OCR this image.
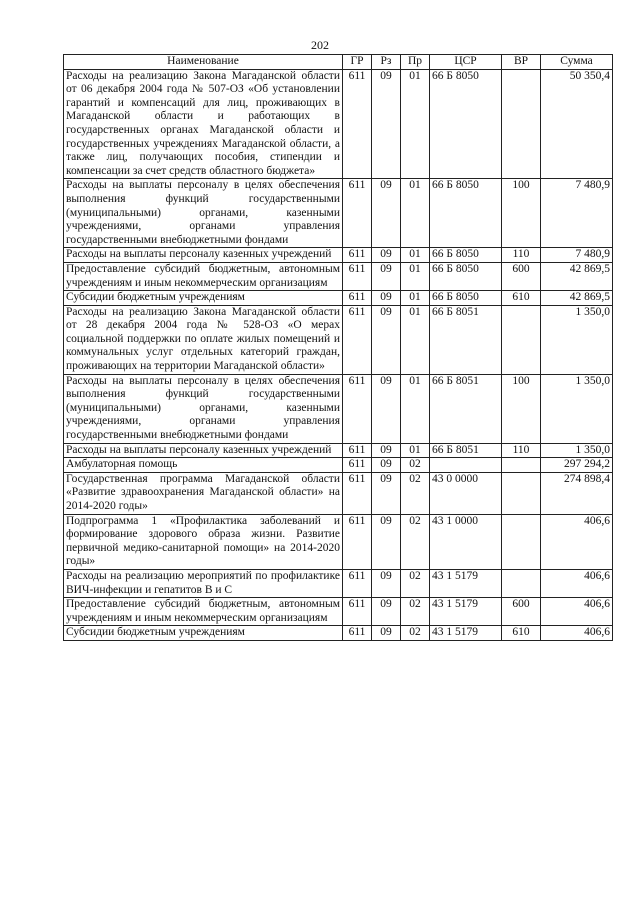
202
Наименование	ГР	Рз	Пр	ЦСР	ВР	Сумма
Расходы на реализацию Закона Магаданской области от 06 декабря 2004 года № 507-ОЗ «Об установлении гарантий и компенсаций для лиц, проживающих в Магаданской области и работающих в государственных органах Магаданской области и государственных учреждениях Магаданской области, а также лиц, получающих пособия, стипендии и компенсации за счет средств областного бюджета»	611	09	01	66 Б 8050		50 350,4
Расходы на выплаты персоналу в целях обеспечения выполнения функций государственными (муниципальными) органами, казенными учреждениями, органами управления государственными внебюджетными фондами	611	09	01	66 Б 8050	100	7 480,9
Расходы на выплаты персоналу казенных учреждений	611	09	01	66 Б 8050	110	7 480,9
Предоставление субсидий бюджетным, автономным учреждениям и иным некоммерческим организациям	611	09	01	66 Б 8050	600	42 869,5
Субсидии бюджетным учреждениям	611	09	01	66 Б 8050	610	42 869,5
Расходы на реализацию Закона Магаданской области от 28 декабря 2004 года № 528-ОЗ «О мерах социальной поддержки по оплате жилых помещений и коммунальных услуг отдельных категорий граждан, проживающих на территории Магаданской области»	611	09	01	66 Б 8051		1 350,0
Расходы на выплаты персоналу в целях обеспечения выполнения функций государственными (муниципальными) органами, казенными учреждениями, органами управления государственными внебюджетными фондами	611	09	01	66 Б 8051	100	1 350,0
Расходы на выплаты персоналу казенных учреждений	611	09	01	66 Б 8051	110	1 350,0
Амбулаторная помощь	611	09	02			297 294,2
Государственная программа Магаданской области «Развитие здравоохранения Магаданской области» на 2014-2020 годы»	611	09	02	43 0 0000		274 898,4
Подпрограмма 1 «Профилактика заболеваний и формирование здорового образа жизни. Развитие первичной медико-санитарной помощи» на 2014-2020 годы»	611	09	02	43 1 0000		406,6
Расходы на реализацию мероприятий по профилактике ВИЧ-инфекции и гепатитов В и С	611	09	02	43 1 5179		406,6
Предоставление субсидий бюджетным, автономным учреждениям и иным некоммерческим организациям	611	09	02	43 1 5179	600	406,6
Субсидии бюджетным учреждениям	611	09	02	43 1 5179	610	406,6
